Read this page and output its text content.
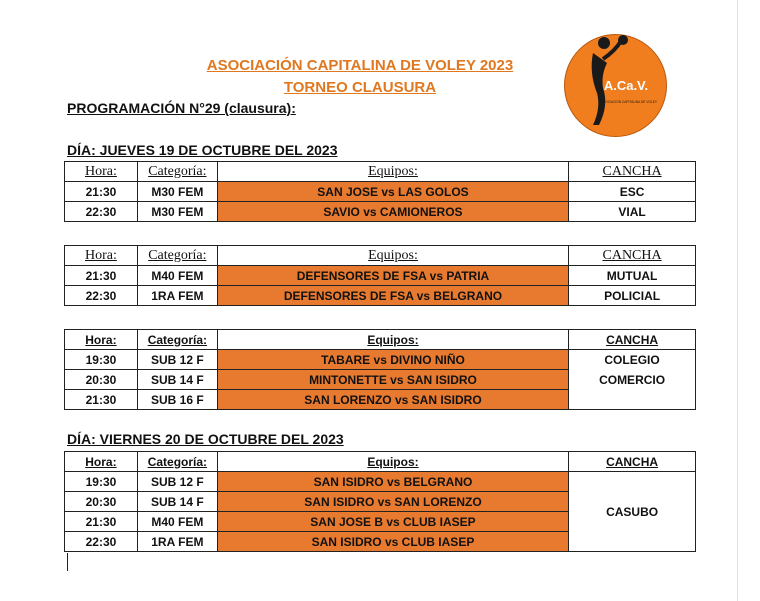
ASOCIACIÓN CAPITALINA DE VOLEY 2023
TORNEO CLAUSURA
PROGRAMACIÓN N°29 (clausura):
A.Ca.V.
ASOCIACION CAPITALINA DE VOLEY
DÍA: JUEVES 19 DE OCTUBRE DEL 2023
Hora:	Categoría:	Equipos:	CANCHA
21:30	M30 FEM	SAN JOSE vs LAS GOLOS	ESC
22:30	M30 FEM	SAVIO vs CAMIONEROS	VIAL
Hora:	Categoría:	Equipos:	CANCHA
21:30	M40 FEM	DEFENSORES DE FSA vs PATRIA	MUTUAL
22:30	1RA FEM	DEFENSORES DE FSA vs BELGRANO	POLICIAL
Hora:	Categoría:	Equipos:	CANCHA
19:30	SUB 12 F	TABARE vs DIVINO NIÑO	COLEGIO
20:30	SUB 14 F	MINTONETTE vs SAN ISIDRO	COMERCIO
21:30	SUB 16 F	SAN LORENZO vs SAN ISIDRO	
DÍA: VIERNES 20 DE OCTUBRE DEL 2023
Hora:	Categoría:	Equipos:	CANCHA
19:30	SUB 12 F	SAN ISIDRO vs BELGRANO	CASUBO
20:30	SUB 14 F	SAN ISIDRO vs SAN LORENZO	
21:30	M40 FEM	SAN JOSE B vs CLUB IASEP	
22:30	1RA FEM	SAN ISIDRO vs CLUB IASEP	
